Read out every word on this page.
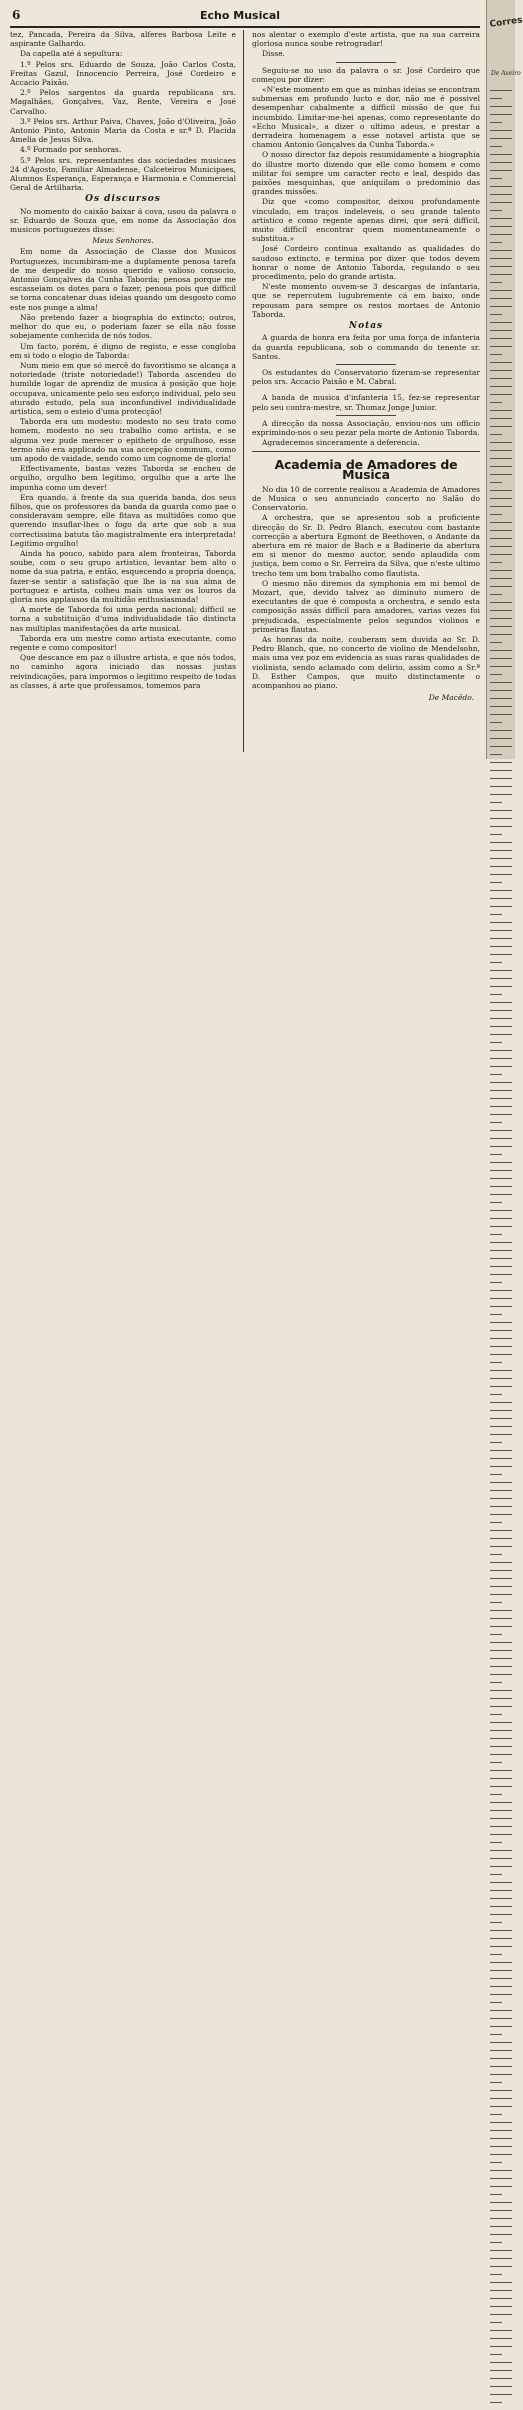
6	Echo Musical

tez, Pancada, Pereira da Silva, alferes Barbosa Leite e aspirante Galhardo.

Da capella até á sepultura:

1.º Pelos srs. Eduardo de Souza, João Carlos Costa, Freitas Gazul, Innocencio Perreira, José Cordeiro e Accacio Paixão.

2.º Pelos sargentos da guarda republicana srs. Magalhães, Gonçalves, Vaz, Rente, Vereira e José Carvalho.

3.º Pelos srs. Arthur Paiva, Chaves, João d'Oliveira, João Antonio Pinto, Antonio Maria da Costa e sr.ª D. Placida Amelia de Jesus Silva.

4.º Formado por senhoras.

5.º Pelos srs. representantes das sociedades musicaes 24 d'Agosto, Familiar Almadense, Calceteiros Municipaes, Alumnos Esperança, Esperança e Harmonia e Commercial Geral de Artilharia.

Os discursos

No momento do caixão baixar á cova, usou da palavra o sr. Eduardo de Souza que, em nome da Associação dos musicos portuguezes disse:

Meus Senhores.

Em nome da Associação de Classe dos Musicos Portuguezes, incumbiram-me a duplamente penosa tarefa de me despedir do nosso querido e valioso consocio, Antonio Gonçalves da Cunha Taborda; penosa porque me escasseiam os dotes para o fazer, penosa pois que difficil se torna concatenar duas ideias quando um desgosto como este nos punge a alma!

Não pretendo fazer a biographia do extincto; outros, melhor do que eu, o poderiam fazer se ella não fosse sobejamente conhecida de nós todos.

Um facto, porém, é digno de registo, e esse congloba em si todo o elogio de Taborda:

Num meio em que só mercê do favoritismo se alcança a notoriedade (triste notoriedade!) Taborda ascendeu do humilde logar de aprendiz de musica á posição que hoje occupava, unicamente pelo seu esforço individual, pelo seu aturado estudo, pela sua inconfundivel individualidade artistica, sem o esteio d'uma protecção!

Taborda era um modesto: modesto no seu trato como homem, modesto no seu trabalho como artista, e se alguma vez pude merecer o epitheto de orgulhoso, esse termo não era applicado na sua accepção commum, como um apodo de vaidade, sendo como um cognome de gloria!

Effectivamente, bastas vezes Taborda se encheu de orgulho, orgulho bem legitimo, orgulho que a arte lhe impunha como um dever!

Era quando, á frente da sua querida banda, dos seus filhos, que os professores da banda da guarda como pae o consideravam sempre, elle fitava as multidões como que querendo insuflar-lhes o fogo da arte que sob a sua correctissima batuta tão magistralmente era interpretada! Legitimo orgulho!

Ainda ha pouco, sabido para alem fronteiras, Taborda soube, com o seu grupo artistico, levantar bem alto o nome da sua patria, e então, esquecendo a propria doença, fazer-se sentir a satisfação que lhe ia na sua alma de portuguez e artista, colheu mais uma vez os louros da gloria nos applausos da multidão enthusiasmada!

A morte de Taborda foi uma perda nacional; difficil se torna a substituição d'uma individualidade tão distincta nas multiplas manifestações da arte musical.

Taborda era um mestre como artista executante, como regente e como compositor!

Que descance em paz o illustre artista, e que nós todos, no caminho agora iniciado das nossas justas reivindicações, para impormos o legitimo respeito de todas as classes, á arte que professamos, tomemos para

nos alentar o exemplo d'este artista, que na sua carreira gloriosa nunca soube retrogradar!

Disse.

Seguiu-se no uso da palavra o sr. José Cordeiro que começou por dizer:

«N'este momento em que as minhas ideias se encontram submersas em profundo lucto e dor, não me é possivel desempenhar cabalmente a difficil missão de que fui incumbido. Limitar-me-hei apenas, como representante do «Echo Musical», a dizer o ultimo adeus, e prestar a derradeira homenagem a esse notavel artista que se chamou Antonio Gonçalves da Cunha Taborda.»

O nosso director faz depois resumidamente a biographia do illustre morto dizendo que elle como homem e como militar foi sempre um caracter recto e leal, despido das paixões mesquinhas, que aniquilam o predominio das grandes missões.

Diz que «como compositor, deixou profundamente vinculado, em traços indeleveis, o seu grande talento artistico e como regente apenas direi, que será difficil, muito difficil encontrar quem momentaneamente o substitua.»

José Cordeiro continua exaltando as qualidades do saudoso extincto, e termina por dizer que todos devem honrar o nome de Antonio Taborda, regulando o seu procedimento, pelo do grande artista.

N'este momento ouvem-se 3 descargas de infantaria, que se repercutem lugubremente cá em baixo, onde repousam para sempre os restos mortaes de Antonio Taborda.

Notas

A guarda de honra era feita por uma força de infanteria da guarda republicana, sob o commando do tenente sr. Santos.

Os estudantes do Conservatorio fizeram-se representar pelos srs. Accacio Paixão e M. Cabral.

A banda de musica d'infanteria 15, fez-se representar pelo seu contra-mestre, sr. Thomaz Jonge Junior.

A direcção da nossa Associação, enviou-nos um officio exprimindo-nos o seu pezar pela morte de Antonio Taborda.

Agradecemos sinceramente a deferencia.

Academia de Amadores de Musica

No dia 10 de corrente realisou a Academia de Amadores de Musica o seu annunciado concerto no Salão do Conservatorio.

A orchestra, que se apresentou sob a proficiente direcção do Sr. D. Pedro Blanch, executou com bastante correcção a abertura Egmont de Beethoven, o Andante da abertura em ré maior de Bach e a Badinerie da abertura em si menor do mesmo auctor, sendo aplaudida com justiça, bem como o Sr. Ferreira da Silva, que n'este ultimo trecho tem um bom trabalho como flautista.

O mesmo não diremos da symphonia em mi bemol de Mozart, que, devido talvez ao diminuto numero de executantes de que é composta a orchestra, e sendo esta composição assás difficil para amadores, varias vezes foi prejudicada, especialmente pelos segundos violinos e primeiras flautas.

As honras da noite, couberam sem duvida ao Sr. D. Pedro Blanch, que, no concerto de violino de Mendelsohn, mais uma vez poz em evidencia as suas raras qualidades de violinista, sendo aclamado com delirio, assim como a Sr.ª D. Esther Campos, que muito distinctamente o acompanhou ao piano.

De Macêdo.
Corres
De Aveiro
